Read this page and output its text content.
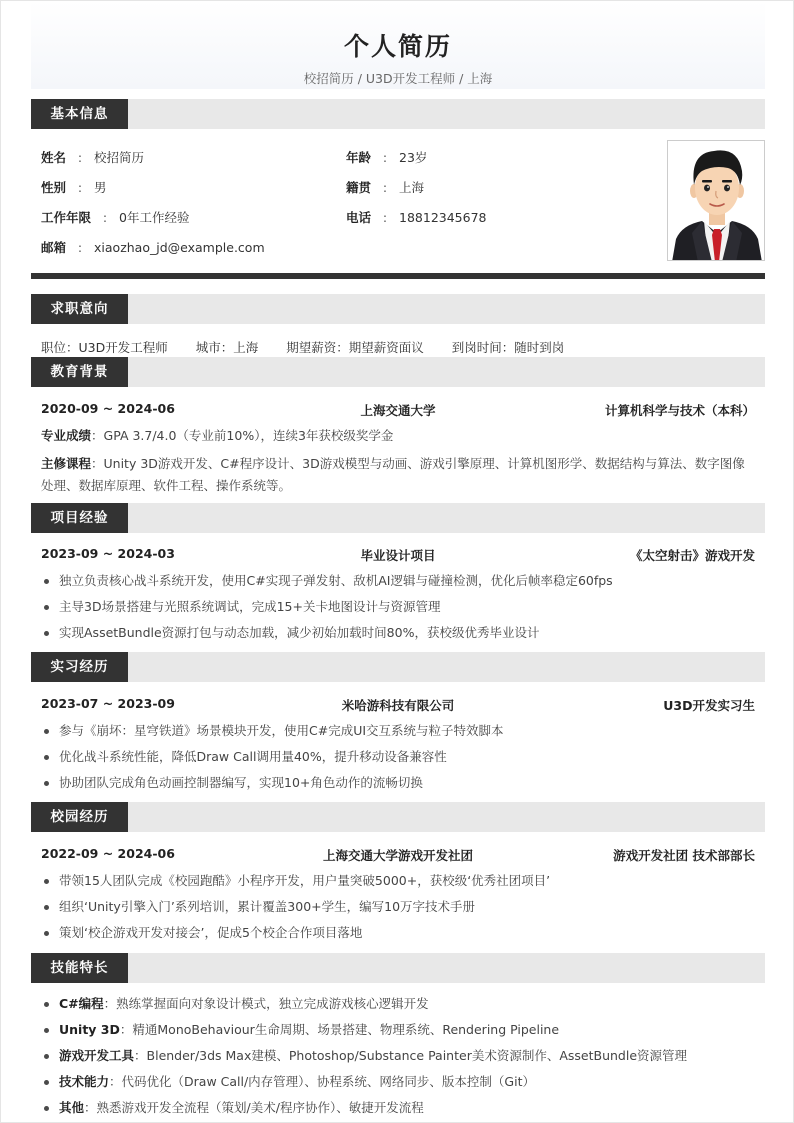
个人简历
校招简历 / U3D开发工程师 / 上海
基本信息
姓名 : 校招简历	年龄 : 23岁
性别 : 男	籍贯 : 上海
工作年限 : 0年工作经验	电话 : 18812345678
邮箱 : xiaozhao_jd@example.com
求职意向
职位：U3D开发工程师 城市：上海 期望薪资：期望薪资面议 到岗时间：随时到岗
教育背景
2020-09 ~ 2024-06	上海交通大学	计算机科学与技术（本科）
专业成绩：GPA 3.7/4.0（专业前10%），连续3年获校级奖学金
主修课程：Unity 3D游戏开发、C#程序设计、3D游戏模型与动画、游戏引擎原理、计算机图形学、数据结构与算法、数字图像处理、数据库原理、软件工程、操作系统等。
项目经验
2023-09 ~ 2024-03	毕业设计项目	《太空射击》游戏开发
独立负责核心战斗系统开发，使用C#实现子弹发射、敌机AI逻辑与碰撞检测，优化后帧率稳定60fps
主导3D场景搭建与光照系统调试，完成15+关卡地图设计与资源管理
实现AssetBundle资源打包与动态加载，减少初始加载时间80%，获校级优秀毕业设计
实习经历
2023-07 ~ 2023-09	米哈游科技有限公司	U3D开发实习生
参与《崩坏：星穹铁道》场景模块开发，使用C#完成UI交互系统与粒子特效脚本
优化战斗系统性能，降低Draw Call调用量40%，提升移动设备兼容性
协助团队完成角色动画控制器编写，实现10+角色动作的流畅切换
校园经历
2022-09 ~ 2024-06	上海交通大学游戏开发社团	游戏开发社团 技术部部长
带领15人团队完成《校园跑酷》小程序开发，用户量突破5000+，获校级‘优秀社团项目’
组织‘Unity引擎入门’系列培训，累计覆盖300+学生，编写10万字技术手册
策划‘校企游戏开发对接会’，促成5个校企合作项目落地
技能特长
C#编程：熟练掌握面向对象设计模式，独立完成游戏核心逻辑开发
Unity 3D：精通MonoBehaviour生命周期、场景搭建、物理系统、Rendering Pipeline
游戏开发工具：Blender/3ds Max建模、Photoshop/Substance Painter美术资源制作、AssetBundle资源管理
技术能力：代码优化（Draw Call/内存管理）、协程系统、网络同步、版本控制（Git）
其他：熟悉游戏开发全流程（策划/美术/程序协作）、敏捷开发流程
